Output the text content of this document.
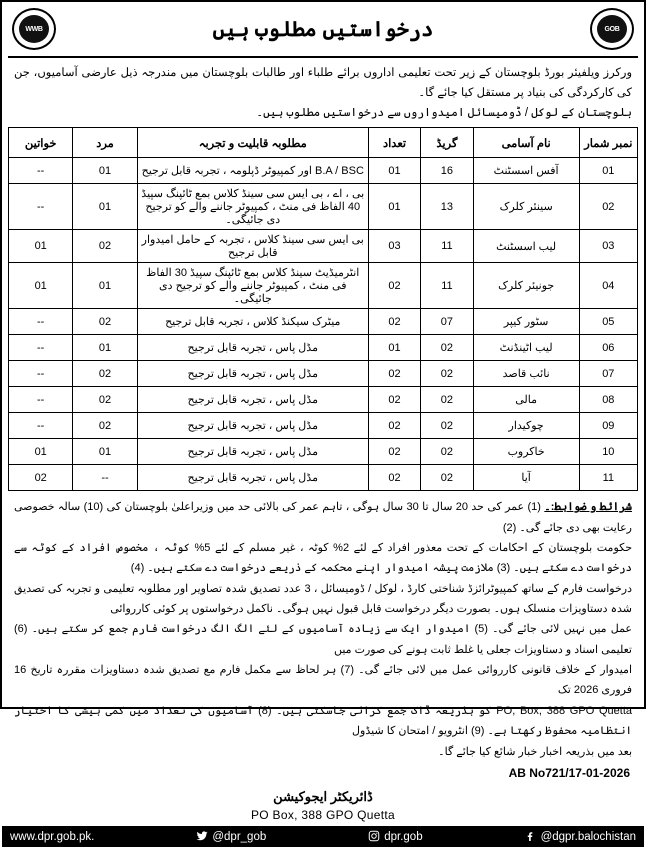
WWB	درخواستیں مطلوب ہیں	GOB
ورکرز ویلفیئر بورڈ بلوچستان کے زیر تحت تعلیمی اداروں برائے طلباء اور طالبات بلوچستان میں مندرجہ ذیل عارضی آسامیوں، جن کی کارکردگی کی بنیاد پر مستقل کیا جائے گا۔
بلوچستان کے لوکل / ڈومیسائل امیدواروں سے درخواستیں مطلوب ہیں۔
نمبر شمار	نام آسامی	گریڈ	تعداد	مطلوبہ قابلیت و تجربہ	مرد	خواتین
01	آفس اسسٹنٹ	16	01	B.A / BSC اور کمپیوٹر ڈپلومہ ، تجربہ قابل ترجیح	01	--
02	سینئر کلرک	13	01	بی ، اے ، بی ایس سی سینڈ کلاس بمع ٹائپنگ سپیڈ 40 الفاظ فی منٹ ، کمپیوٹر جاننے والے کو ترجیح دی جائیگی۔	01	--
03	لیب اسسٹنٹ	11	03	بی ایس سی سینڈ کلاس ، تجربہ کے حامل امیدوار قابل ترجیح	02	01
04	جونیئر کلرک	11	02	انٹرمیڈیٹ سینڈ کلاس بمع ٹائپنگ سپیڈ 30 الفاظ فی منٹ ، کمپیوٹر جاننے والے کو ترجیح دی جائیگی۔	01	01
05	سٹور کیپر	07	02	میٹرک سیکنڈ کلاس ، تجربہ قابل ترجیح	02	--
06	لیب اٹینڈنٹ	02	01	مڈل پاس ، تجربہ قابل ترجیح	01	--
07	نائب قاصد	02	02	مڈل پاس ، تجربہ قابل ترجیح	02	--
08	مالی	02	02	مڈل پاس ، تجربہ قابل ترجیح	02	--
09	چوکیدار	02	02	مڈل پاس ، تجربہ قابل ترجیح	02	--
10	خاکروب	02	02	مڈل پاس ، تجربہ قابل ترجیح	01	01
11	آیا	02	02	مڈل پاس ، تجربہ قابل ترجیح	--	02
شرائط و ضوابط:۔ (1) عمر کی حد 20 سال تا 30 سال ہوگی ، تاہم عمر کی بالائی حد میں وزیراعلیٰ بلوچستان کی (10) سالہ خصوصی رعایت بھی دی جائے گی۔ (2)
حکومت بلوچستان کے احکامات کے تحت معذور افراد کے لئے 2% کوٹہ ، غیر مسلم کے لئے 5% کوٹہ ، مخصوص افراد کے کوٹہ سے درخواست دے سکتے ہیں۔ (3) ملازمت پیشہ امیدوار اپنے محکمہ کے ذریعے درخواست دے سکتے ہیں۔ (4)
درخواست فارم کے ساتھ کمپیوٹرائزڈ شناختی کارڈ ، لوکل / ڈومیسائل ، 3 عدد تصدیق شدہ تصاویر اور مطلوبہ تعلیمی و تجربہ کی تصدیق شدہ دستاویزات منسلک ہوں۔ بصورت دیگر درخواست قابل قبول نہیں ہوگی۔ ناکمل درخواستوں پر کوئی کارروائی
عمل میں نہیں لائی جائے گی۔ (5) امیدوار ایک سے زیادہ آسامیوں کے لئے الگ الگ درخواست فارم جمع کر سکتے ہیں۔ (6) تعلیمی اسناد و دستاویزات جعلی یا غلط ثابت ہونے کی صورت میں
امیدوار کے خلاف قانونی کارروائی عمل میں لائی جائے گی۔ (7) ہر لحاظ سے مکمل فارم مع تصدیق شدہ دستاویزات مقررہ تاریخ 16 فروری 2026 تک
PO, Box, 388 GPO Quetta کو بذریعہ ڈاک جمع کرائی جاسکتی ہیں۔ (8) آسامیوں کی تعداد میں کمی بیشی کا اختیار انتظامیہ محفوظ رکھتا ہے۔ (9) انٹرویو / امتحان کا شیڈول
بعد میں بذریعہ اخبار خبار شائع کیا جائے گا۔
AB No721/17-01-2026
ڈائریکٹر ایجوکیشن
PO Box, 388 GPO Quetta
www.dpr.gob.pk.	@dpr_gob	dpr.gob	@dgpr.balochistan
